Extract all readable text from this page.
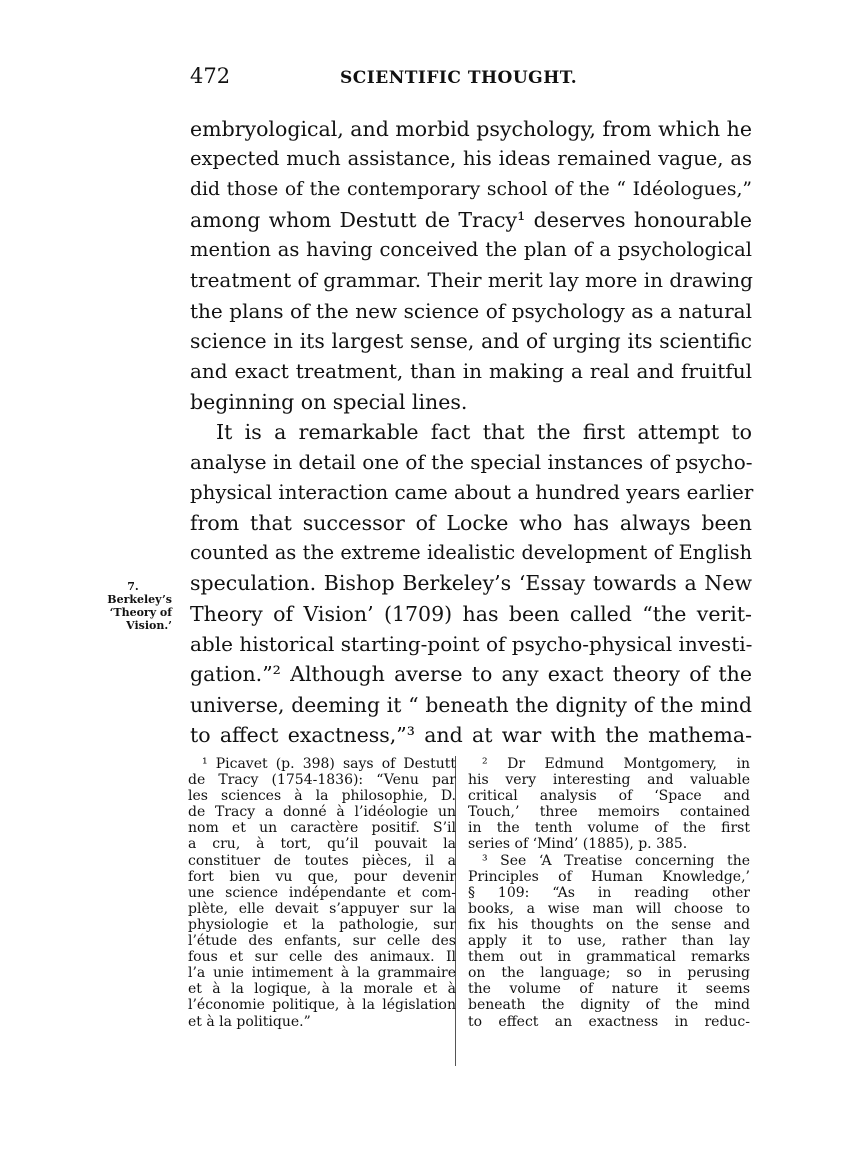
472	SCIENTIFIC THOUGHT.
embryological, and morbid psychology, from which he
expected much assistance, his ideas remained vague, as
did those of the contemporary school of the “ Idéologues,”
among whom Destutt de Tracy¹ deserves honourable
mention as having conceived the plan of a psychological
treatment of grammar. Their merit lay more in drawing
the plans of the new science of psychology as a natural
science in its largest sense, and of urging its scientific
and exact treatment, than in making a real and fruitful
beginning on special lines.
It is a remarkable fact that the first attempt to
analyse in detail one of the special instances of psycho-
physical interaction came about a hundred years earlier
from that successor of Locke who has always been
counted as the extreme idealistic development of English
speculation. Bishop Berkeley’s ‘Essay towards a New
Theory of Vision’ (1709) has been called “the verit-
able historical starting-point of psycho-physical investi-
gation.”² Although averse to any exact theory of the
universe, deeming it “ beneath the dignity of the mind
to affect exactness,”³ and at war with the mathema-
7.
Berkeley’s ‘Theory of Vision.’
¹ Picavet (p. 398) says of Destutt
de Tracy (1754-1836): “Venu par
les sciences à la philosophie, D.
de Tracy a donné à l’idéologie un
nom et un caractère positif. S’il
a cru, à tort, qu’il pouvait la
constituer de toutes pièces, il a
fort bien vu que, pour devenir
une science indépendante et com-
plète, elle devait s’appuyer sur la
physiologie et la pathologie, sur
l’étude des enfants, sur celle des
fous et sur celle des animaux. Il
l’a unie intimement à la grammaire
et à la logique, à la morale et à
l’économie politique, à la législation
et à la politique.”
² Dr Edmund Montgomery, in
his very interesting and valuable
critical analysis of ‘Space and
Touch,’ three memoirs contained
in the tenth volume of the first
series of ‘Mind’ (1885), p. 385.
³ See ‘A Treatise concerning the
Principles of Human Knowledge,’
§ 109: “As in reading other
books, a wise man will choose to
fix his thoughts on the sense and
apply it to use, rather than lay
them out in grammatical remarks
on the language; so in perusing
the volume of nature it seems
beneath the dignity of the mind
to effect an exactness in reduc-
